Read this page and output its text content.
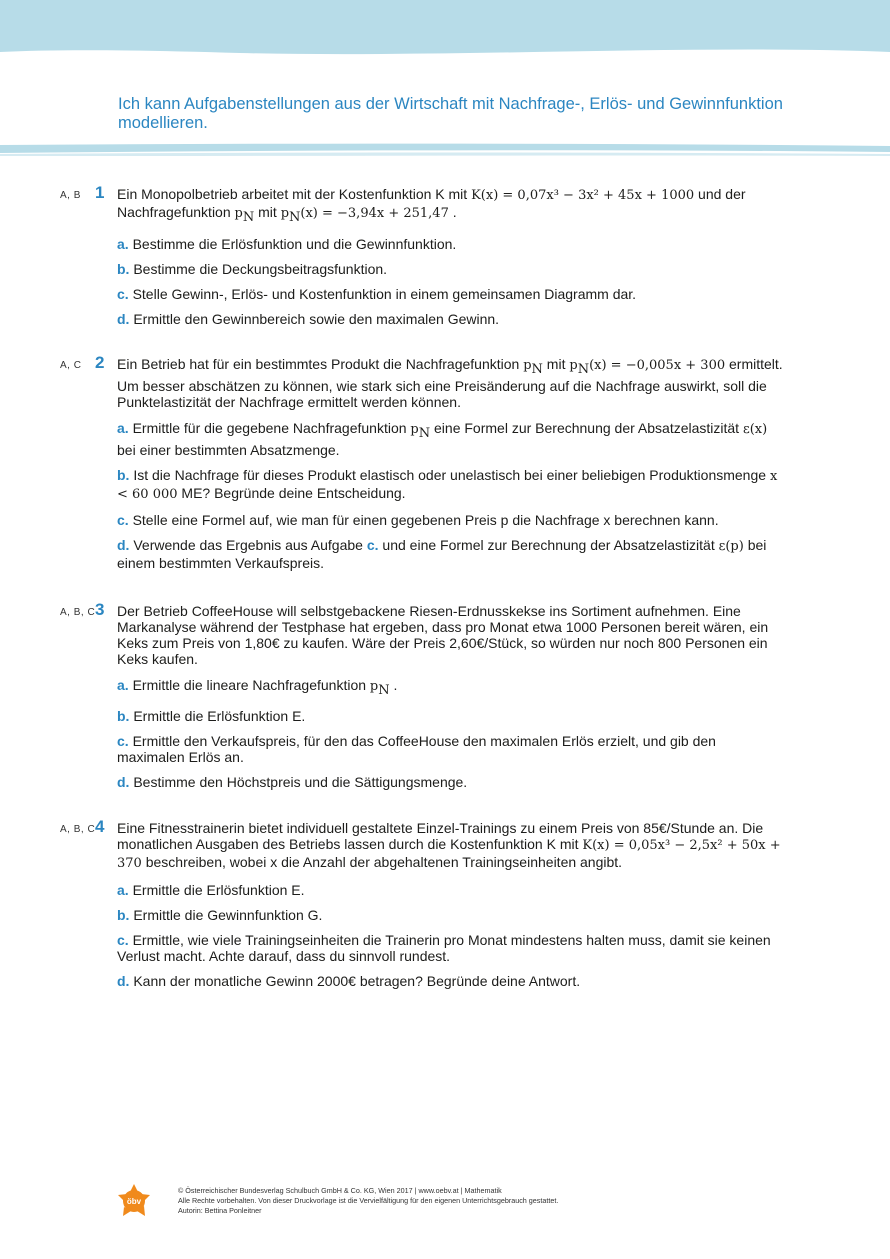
Ich kann Aufgabenstellungen aus der Wirtschaft mit Nachfrage-, Erlös- und Gewinnfunktion modellieren.
A, B 1 Ein Monopolbetrieb arbeitet mit der Kostenfunktion K mit K(x) = 0,07x³ − 3x² + 45x + 1000 und der Nachfragefunktion $p_N$ mit $p_N(x) = -3,94x + 251,47$ .

a. Bestimme die Erlösfunktion und die Gewinnfunktion.

b. Bestimme die Deckungsbeitragsfunktion.

c. Stelle Gewinn-, Erlös- und Kostenfunktion in einem gemeinsamen Diagramm dar.

d. Ermittle den Gewinnbereich sowie den maximalen Gewinn.

A, C 2 Ein Betrieb hat für ein bestimmtes Produkt die Nachfragefunktion $p_N$ mit $p_N(x) = -0,005x + 300$ ermittelt. Um besser abschätzen zu können, wie stark sich eine Preisänderung auf die Nachfrage auswirkt, soll die Punktelastizität der Nachfrage ermittelt werden können.

a. Ermittle für die gegebene Nachfragefunktion $p_N$ eine Formel zur Berechnung der Absatzelastizität ε(x) bei einer bestimmten Absatzmenge.

b. Ist die Nachfrage für dieses Produkt elastisch oder unelastisch bei einer beliebigen Produktionsmenge x < 60 000 ME? Begründe deine Entscheidung.

c. Stelle eine Formel auf, wie man für einen gegebenen Preis p die Nachfrage x berechnen kann.

d. Verwende das Ergebnis aus Aufgabe c. und eine Formel zur Berechnung der Absatzelastizität ε(p) bei einem bestimmten Verkaufspreis.

A, B, C 3 Der Betrieb CoffeeHouse will selbstgebackene Riesen-Erdnusskekse ins Sortiment aufnehmen. Eine Markanalyse während der Testphase hat ergeben, dass pro Monat etwa 1000 Personen bereit wären, ein Keks zum Preis von 1,80€ zu kaufen. Wäre der Preis 2,60€/Stück, so würden nur noch 800 Personen ein Keks kaufen.

a. Ermittle die lineare Nachfragefunktion $p_N$ .

b. Ermittle die Erlösfunktion E.

c. Ermittle den Verkaufspreis, für den das CoffeeHouse den maximalen Erlös erzielt, und gib den maximalen Erlös an.

d. Bestimme den Höchstpreis und die Sättigungsmenge.

A, B, C 4 Eine Fitnesstrainerin bietet individuell gestaltete Einzel-Trainings zu einem Preis von 85€/Stunde an. Die monatlichen Ausgaben des Betriebs lassen durch die Kostenfunktion K mit K(x) = 0,05x³ − 2,5x² + 50x + 370 beschreiben, wobei x die Anzahl der abgehaltenen Trainingseinheiten angibt.

a. Ermittle die Erlösfunktion E.

b. Ermittle die Gewinnfunktion G.

c. Ermittle, wie viele Trainingseinheiten die Trainerin pro Monat mindestens halten muss, damit sie keinen Verlust macht. Achte darauf, dass du sinnvoll rundest.

d. Kann der monatliche Gewinn 2000€ betragen? Begründe deine Antwort.

öbv
© Österreichischer Bundesverlag Schulbuch GmbH & Co. KG, Wien 2017 | www.oebv.at | Mathematik
Alle Rechte vorbehalten. Von dieser Druckvorlage ist die Vervielfältigung für den eigenen Unterrichtsgebrauch gestattet.
Autorin: Bettina Ponleitner
